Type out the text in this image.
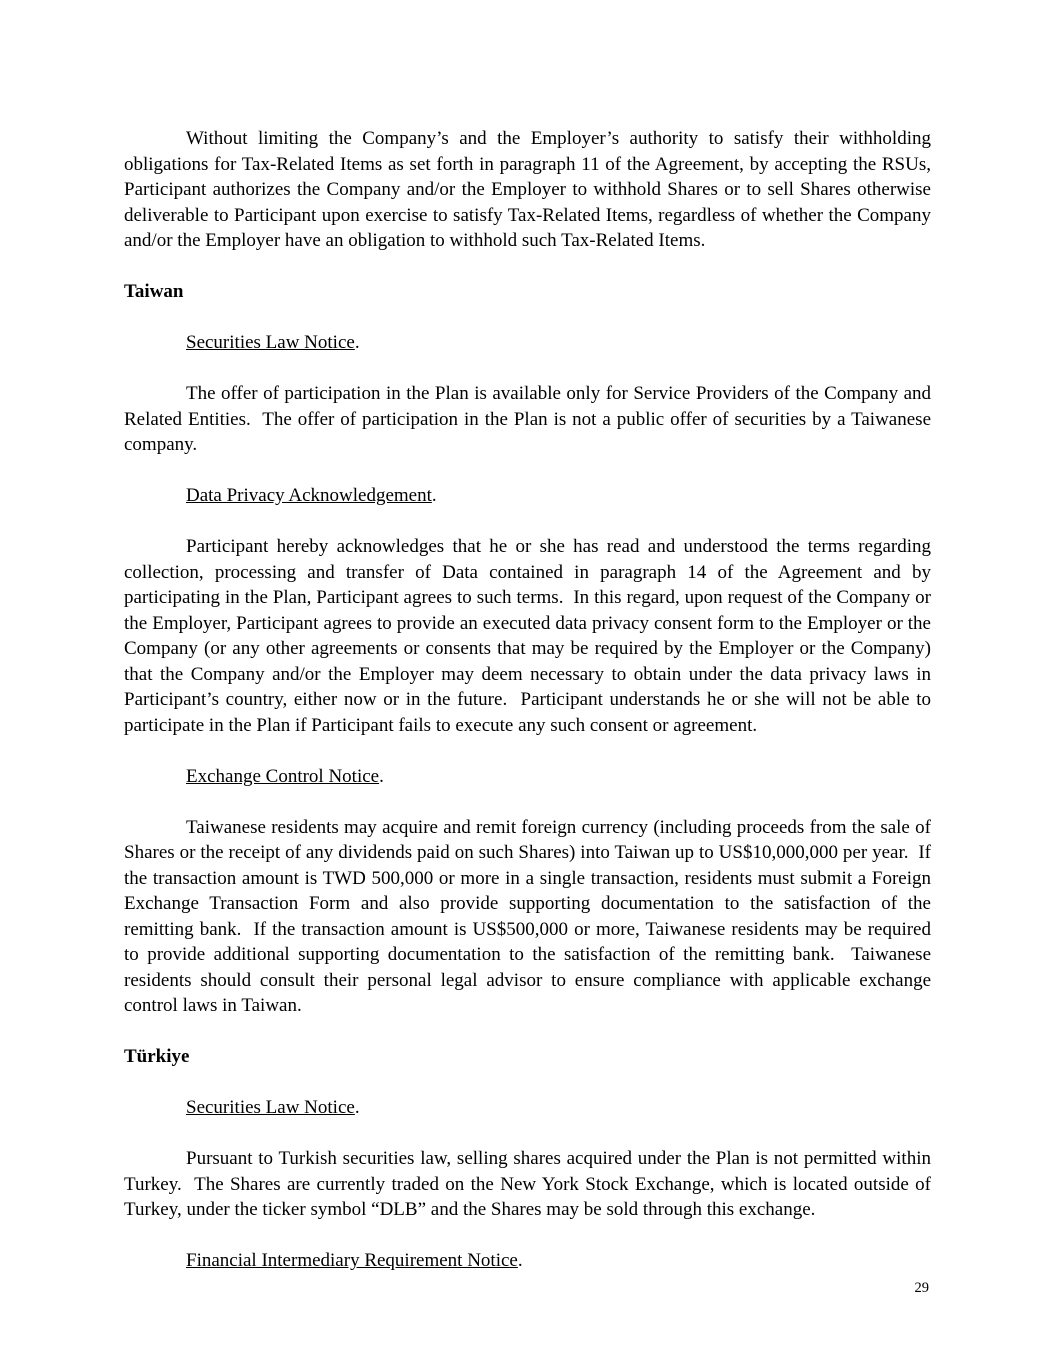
Without limiting the Company’s and the Employer’s authority to satisfy their withholding obligations for Tax-Related Items as set forth in paragraph 11 of the Agreement, by accepting the RSUs, Participant authorizes the Company and/or the Employer to withhold Shares or to sell Shares otherwise deliverable to Participant upon exercise to satisfy Tax-Related Items, regardless of whether the Company and/or the Employer have an obligation to withhold such Tax-Related Items.

Taiwan

Securities Law Notice.

The offer of participation in the Plan is available only for Service Providers of the Company and Related Entities.  The offer of participation in the Plan is not a public offer of securities by a Taiwanese company.

Data Privacy Acknowledgement.

Participant hereby acknowledges that he or she has read and understood the terms regarding collection, processing and transfer of Data contained in paragraph 14 of the Agreement and by participating in the Plan, Participant agrees to such terms.  In this regard, upon request of the Company or the Employer, Participant agrees to provide an executed data privacy consent form to the Employer or the Company (or any other agreements or consents that may be required by the Employer or the Company) that the Company and/or the Employer may deem necessary to obtain under the data privacy laws in Participant’s country, either now or in the future.  Participant understands he or she will not be able to participate in the Plan if Participant fails to execute any such consent or agreement.

Exchange Control Notice.

Taiwanese residents may acquire and remit foreign currency (including proceeds from the sale of Shares or the receipt of any dividends paid on such Shares) into Taiwan up to US$10,000,000 per year.  If the transaction amount is TWD 500,000 or more in a single transaction, residents must submit a Foreign Exchange Transaction Form and also provide supporting documentation to the satisfaction of the remitting bank.  If the transaction amount is US$500,000 or more, Taiwanese residents may be required to provide additional supporting documentation to the satisfaction of the remitting bank.  Taiwanese residents should consult their personal legal advisor to ensure compliance with applicable exchange control laws in Taiwan.

Türkiye

Securities Law Notice.

Pursuant to Turkish securities law, selling shares acquired under the Plan is not permitted within Turkey.  The Shares are currently traded on the New York Stock Exchange, which is located outside of Turkey, under the ticker symbol “DLB” and the Shares may be sold through this exchange.

Financial Intermediary Requirement Notice.

29
